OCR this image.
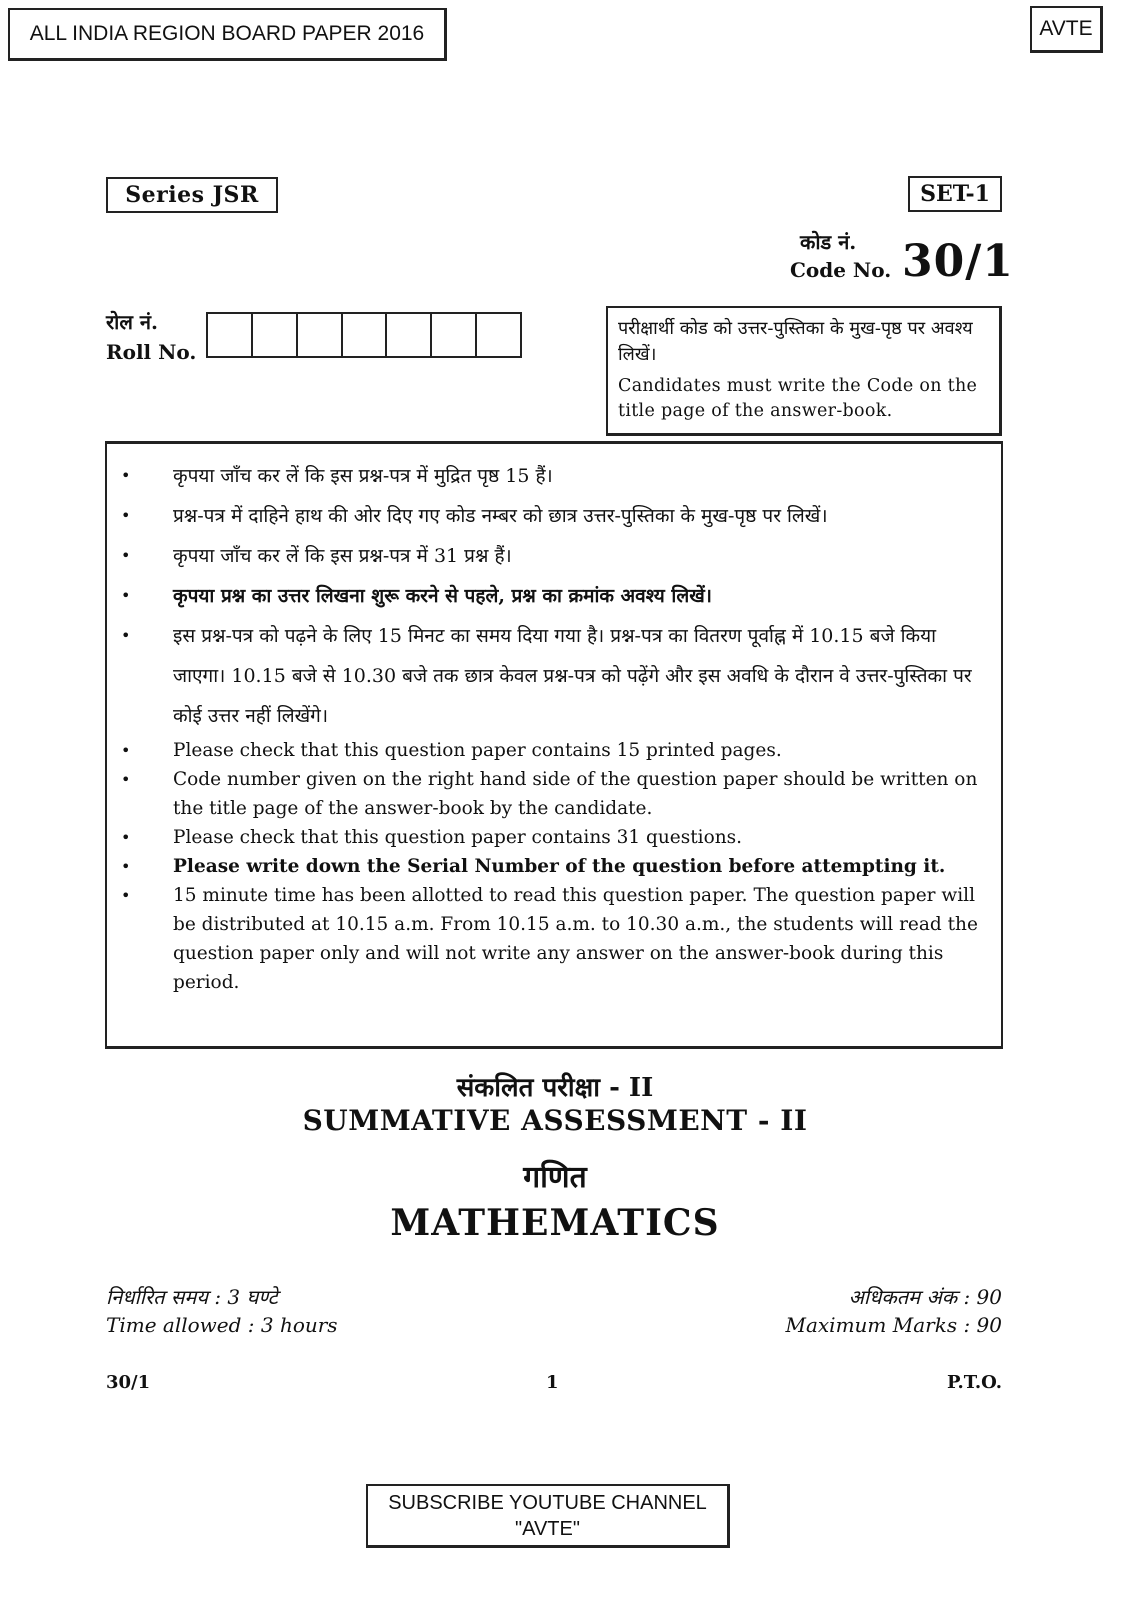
ALL INDIA REGION BOARD PAPER 2016	AVTE
Series JSR	SET-1
कोड नं.
Code No. 30/1
रोल नं.
Roll No.
परीक्षार्थी कोड को उत्तर-पुस्तिका के मुख-पृष्ठ पर अवश्य लिखें।
Candidates must write the Code on the title page of the answer-book.
•	कृपया जाँच कर लें कि इस प्रश्न-पत्र में मुद्रित पृष्ठ 15 हैं।
•	प्रश्न-पत्र में दाहिने हाथ की ओर दिए गए कोड नम्बर को छात्र उत्तर-पुस्तिका के मुख-पृष्ठ पर लिखें।
•	कृपया जाँच कर लें कि इस प्रश्न-पत्र में 31 प्रश्न हैं।
•	कृपया प्रश्न का उत्तर लिखना शुरू करने से पहले, प्रश्न का क्रमांक अवश्य लिखें।
•	इस प्रश्न-पत्र को पढ़ने के लिए 15 मिनट का समय दिया गया है। प्रश्न-पत्र का वितरण पूर्वाह्न में 10.15 बजे किया जाएगा। 10.15 बजे से 10.30 बजे तक छात्र केवल प्रश्न-पत्र को पढ़ेंगे और इस अवधि के दौरान वे उत्तर-पुस्तिका पर कोई उत्तर नहीं लिखेंगे।
•	Please check that this question paper contains 15 printed pages.
•	Code number given on the right hand side of the question paper should be written on the title page of the answer-book by the candidate.
•	Please check that this question paper contains 31 questions.
•	Please write down the Serial Number of the question before attempting it.
•	15 minute time has been allotted to read this question paper. The question paper will be distributed at 10.15 a.m. From 10.15 a.m. to 10.30 a.m., the students will read the question paper only and will not write any answer on the answer-book during this period.
संकलित परीक्षा - II
SUMMATIVE ASSESSMENT - II
गणित
MATHEMATICS
निर्धारित समय : 3 घण्टे
Time allowed : 3 hours
अधिकतम अंक : 90
Maximum Marks : 90
30/1	1	P.T.O.
SUBSCRIBE YOUTUBE CHANNEL
"AVTE"
